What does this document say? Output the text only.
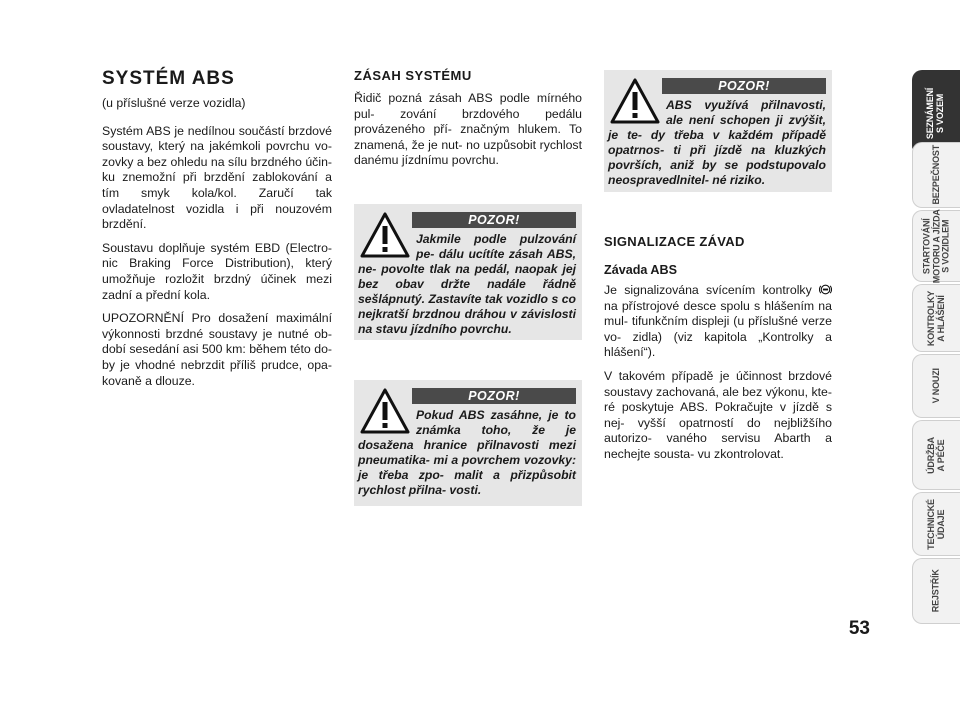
SYSTÉM ABS

(u příslušné verze vozidla)

Systém ABS je nedílnou součástí brzdové soustavy, který na jakémkoli povrchu vo- zovky a bez ohledu na sílu brzdného účin- ku znemožní při brzdění zablokování a tím smyk kola/kol. Zaručí tak ovladatelnost vozidla i při nouzovém brzdění.

Soustavu doplňuje systém EBD (Electro- nic Braking Force Distribution), který umožňuje rozložit brzdný účinek mezi zadní a přední kola.

UPOZORNĚNÍ Pro dosažení maximální výkonnosti brzdné soustavy je nutné ob- dobí sesedání asi 500 km: během této do- by je vhodné nebrzdit příliš prudce, opa- kovaně a dlouze.

ZÁSAH SYSTÉMU

Řidič pozná zásah ABS podle mírného pul- zování brzdového pedálu provázeného pří- značným hlukem. To znamená, že je nut- no uzpůsobit rychlost danému jízdnímu povrchu.

POZOR!
Jakmile podle pulzování pe- dálu ucítíte zásah ABS, ne- povolte tlak na pedál, naopak jej bez obav držte nadále řádně sešlápnutý. Zastavíte tak vozidlo s co nejkratší brzdnou dráhou v závislosti na stavu jízdního povrchu.
POZOR!
Pokud ABS zasáhne, je to známka toho, že je dosažena hranice přilnavosti mezi pneumatika- mi a povrchem vozovky: je třeba zpo- malit a přizpůsobit rychlost přilna- vosti.
POZOR!
ABS využívá přilnavosti, ale není schopen ji zvýšit, je te- dy třeba v každém případě opatrnos- ti při jízdě na kluzkých površích, aniž by se podstupovalo neospravedlnitel- né riziko.
SIGNALIZACE ZÁVAD
Závada ABS

Je signalizována svícením kontrolky  na přístrojové desce spolu s hlášením na mul- tifunkčním displeji (u příslušné verze vo- zidla) (viz kapitola „Kontrolky a hlášení“).

V takovém případě je účinnost brzdové soustavy zachovaná, ale bez výkonu, kte- ré poskytuje ABS. Pokračujte v jízdě s nej- vyšší opatrností do nejbližšího autorizo- vaného servisu Abarth a nechejte sousta- vu zkontrolovat.

SEZNÁMENÍ
S VOZEM
BEZPEČNOST
STARTOVÁNÍ
MOTORU A JÍZDA
S VOZIDLEM
KONTROLKY
A HLÁŠENÍ
V NOUZI
ÚDRŽBA
A PÉČE
TECHNICKÉ
ÚDAJE
REJSTŘÍK
53
